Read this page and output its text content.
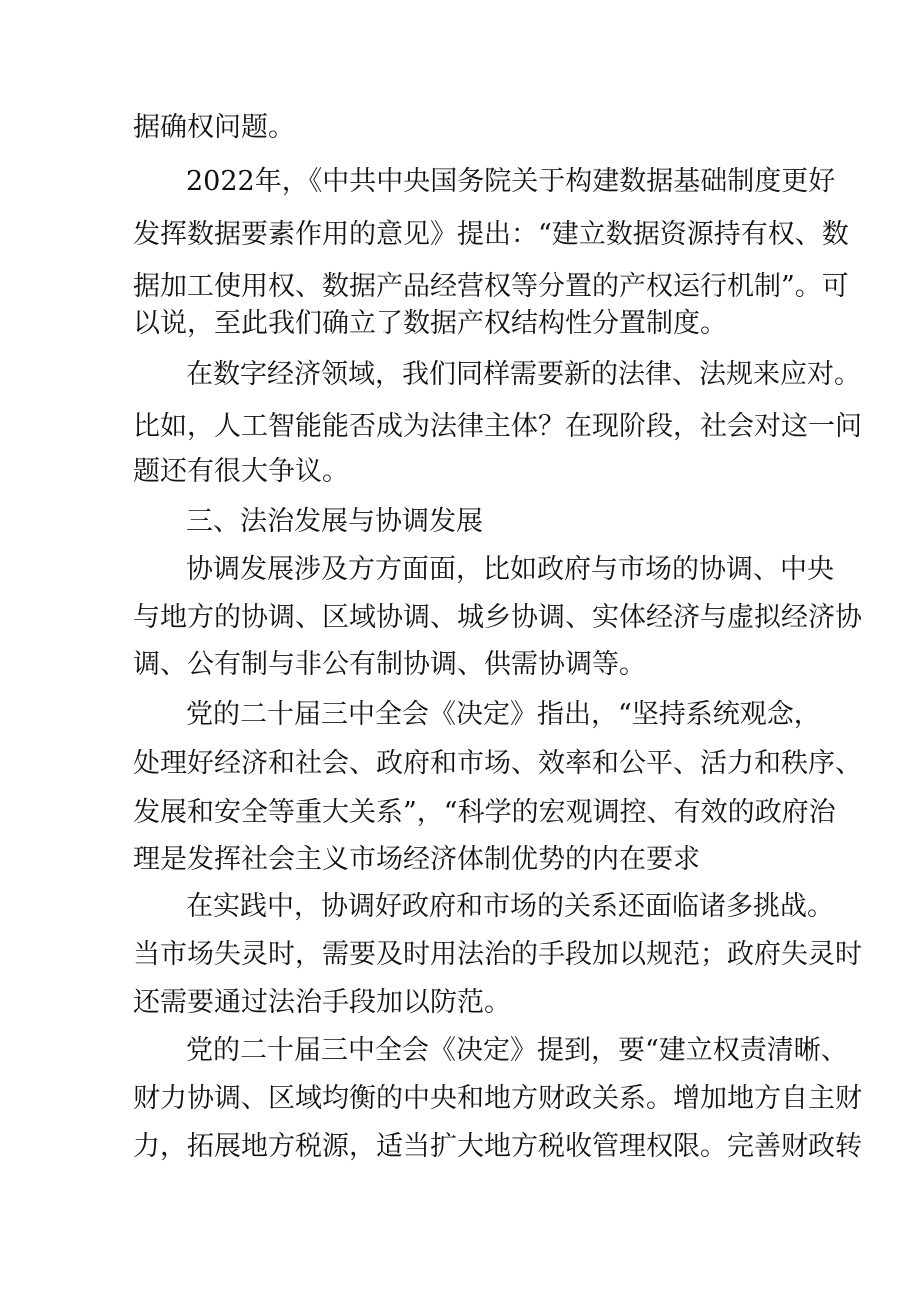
据确权问题。
2022年，《中共中央国务院关于构建数据基础制度更好
发挥数据要素作用的意见》提出：“建立数据资源持有权、数
据加工使用权、数据产品经营权等分置的产权运行机制”。可
以说，至此我们确立了数据产权结构性分置制度。
在数字经济领域，我们同样需要新的法律、法规来应对。
比如，人工智能能否成为法律主体？在现阶段，社会对这一问
题还有很大争议。
三、法治发展与协调发展
协调发展涉及方方面面，比如政府与市场的协调、中央
与地方的协调、区域协调、城乡协调、实体经济与虚拟经济协
调、公有制与非公有制协调、供需协调等。
党的二十届三中全会《决定》指出，“坚持系统观念，
处理好经济和社会、政府和市场、效率和公平、活力和秩序、
发展和安全等重大关系”，“科学的宏观调控、有效的政府治
理是发挥社会主义市场经济体制优势的内在要求
在实践中，协调好政府和市场的关系还面临诸多挑战。
当市场失灵时，需要及时用法治的手段加以规范；政府失灵时
还需要通过法治手段加以防范。
党的二十届三中全会《决定》提到，要“建立权责清晰、
财力协调、区域均衡的中央和地方财政关系。增加地方自主财
力，拓展地方税源，适当扩大地方税收管理权限。完善财政转
